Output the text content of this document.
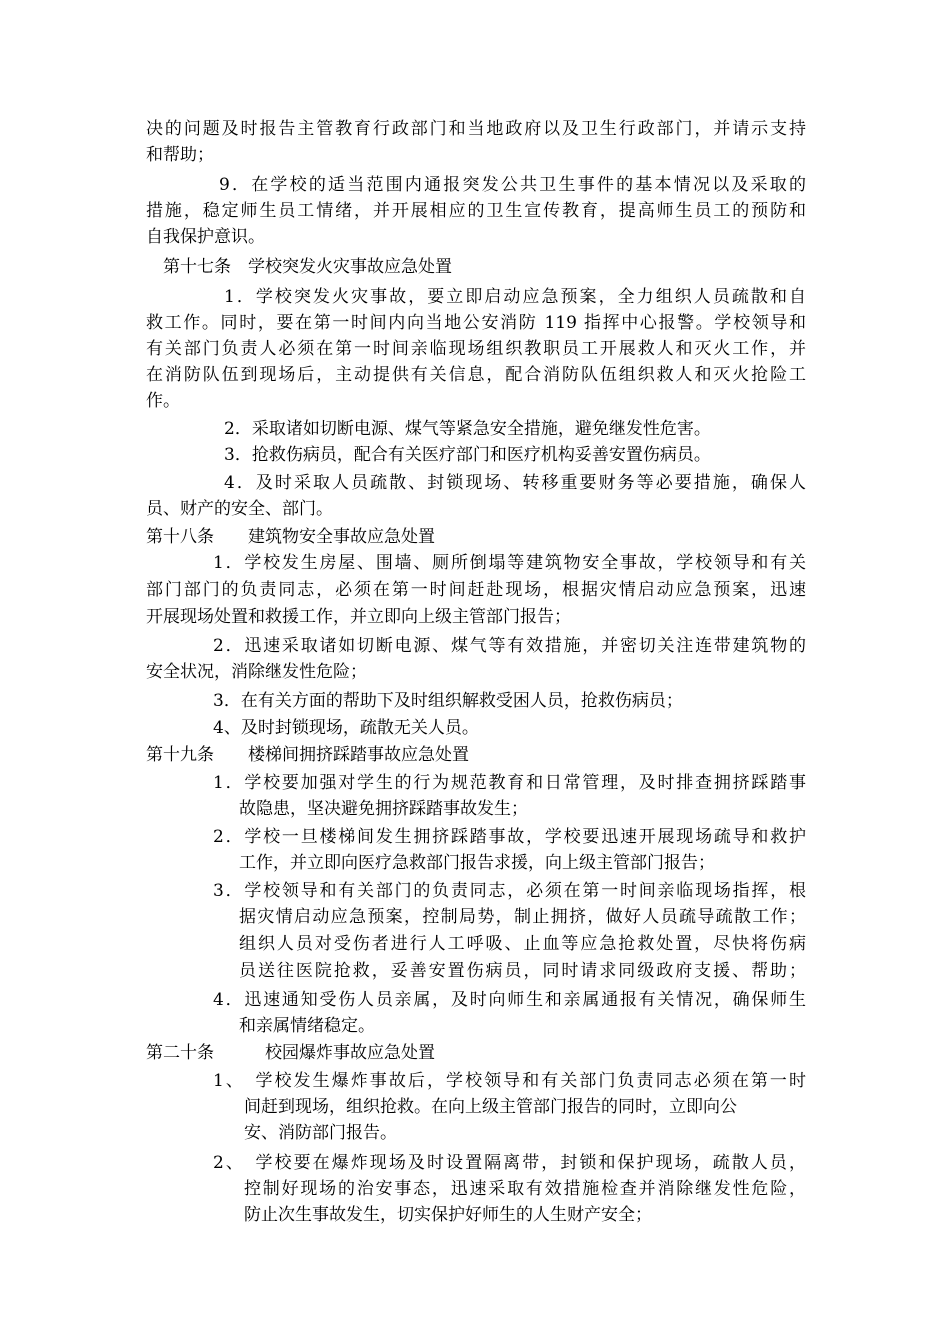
决的问题及时报告主管教育行政部门和当地政府以及卫生行政部门，并请示支持
和帮助；
9．在学校的适当范围内通报突发公共卫生事件的基本情况以及采取的
措施，稳定师生员工情绪，并开展相应的卫生宣传教育，提高师生员工的预防和
自我保护意识。
第十七条　学校突发火灾事故应急处置
1．学校突发火灾事故，要立即启动应急预案，全力组织人员疏散和自
救工作。同时，要在第一时间内向当地公安消防 119 指挥中心报警。学校领导和
有关部门负责人必须在第一时间亲临现场组织教职员工开展救人和灭火工作，并
在消防队伍到现场后，主动提供有关信息，配合消防队伍组织救人和灭火抢险工
作。
2．采取诸如切断电源、煤气等紧急安全措施，避免继发性危害。
3．抢救伤病员，配合有关医疗部门和医疗机构妥善安置伤病员。
4．及时采取人员疏散、封锁现场、转移重要财务等必要措施，确保人
员、财产的安全、部门。
第十八条　　建筑物安全事故应急处置
1．学校发生房屋、围墙、厕所倒塌等建筑物安全事故，学校领导和有关
部门部门的负责同志，必须在第一时间赶赴现场，根据灾情启动应急预案，迅速
开展现场处置和救援工作，并立即向上级主管部门报告；
2．迅速采取诸如切断电源、煤气等有效措施，并密切关注连带建筑物的
安全状况，消除继发性危险；
3．在有关方面的帮助下及时组织解救受困人员，抢救伤病员；
4、及时封锁现场，疏散无关人员。
第十九条　　楼梯间拥挤踩踏事故应急处置
1．学校要加强对学生的行为规范教育和日常管理，及时排查拥挤踩踏事
故隐患，坚决避免拥挤踩踏事故发生；
2．学校一旦楼梯间发生拥挤踩踏事故，学校要迅速开展现场疏导和救护
工作，并立即向医疗急救部门报告求援，向上级主管部门报告；
3．学校领导和有关部门的负责同志，必须在第一时间亲临现场指挥，根
据灾情启动应急预案，控制局势，制止拥挤，做好人员疏导疏散工作；
组织人员对受伤者进行人工呼吸、止血等应急抢救处置，尽快将伤病
员送往医院抢救，妥善安置伤病员，同时请求同级政府支援、帮助；
4．迅速通知受伤人员亲属，及时向师生和亲属通报有关情况，确保师生
和亲属情绪稳定。
第二十条　　　校园爆炸事故应急处置
1、　学校发生爆炸事故后，学校领导和有关部门负责同志必须在第一时
间赶到现场，组织抢救。在向上级主管部门报告的同时，立即向公
安、消防部门报告。
2、　学校要在爆炸现场及时设置隔离带，封锁和保护现场，疏散人员，
控制好现场的治安事态，迅速采取有效措施检查并消除继发性危险，
防止次生事故发生，切实保护好师生的人生财产安全；
